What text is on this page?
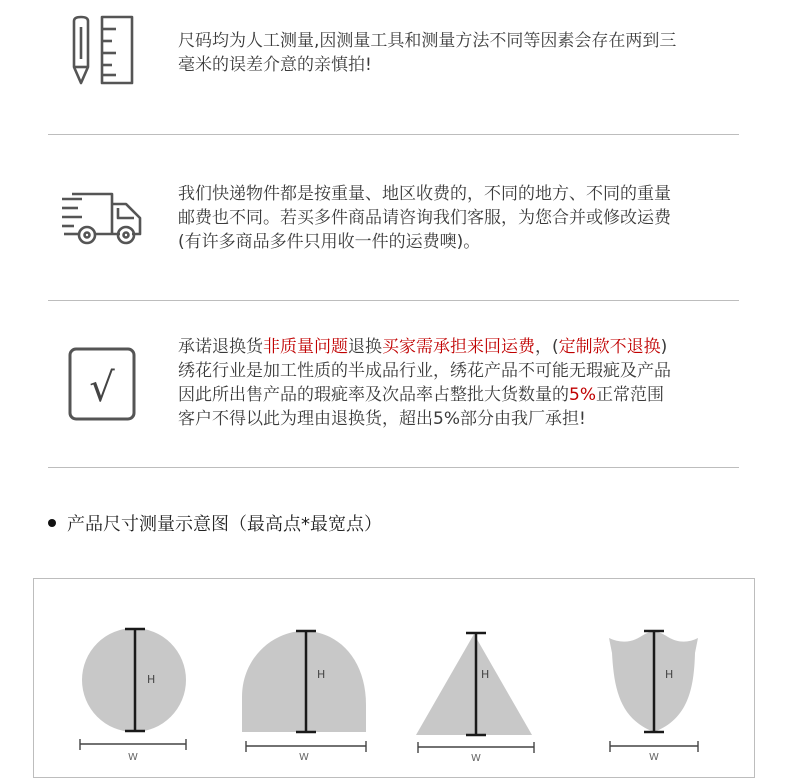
尺码均为人工测量,因测量工具和测量方法不同等因素会存在两到三
毫米的误差介意的亲慎拍!
我们快递物件都是按重量、地区收费的，不同的地方、不同的重量
邮费也不同。若买多件商品请咨询我们客服，为您合并或修改运费
(有许多商品多件只用收一件的运费噢)。
√
承诺退换货非质量问题退换买家需承担来回运费，(定制款不退换)
绣花行业是加工性质的半成品行业，绣花产品不可能无瑕疵及产品
因此所出售产品的瑕疵率及次品率占整批大货数量的5%正常范围
客户不得以此为理由退换货，超出5%部分由我厂承担!
产品尺寸测量示意图（最高点*最宽点）
H
W
H
W
H
W
H
W
